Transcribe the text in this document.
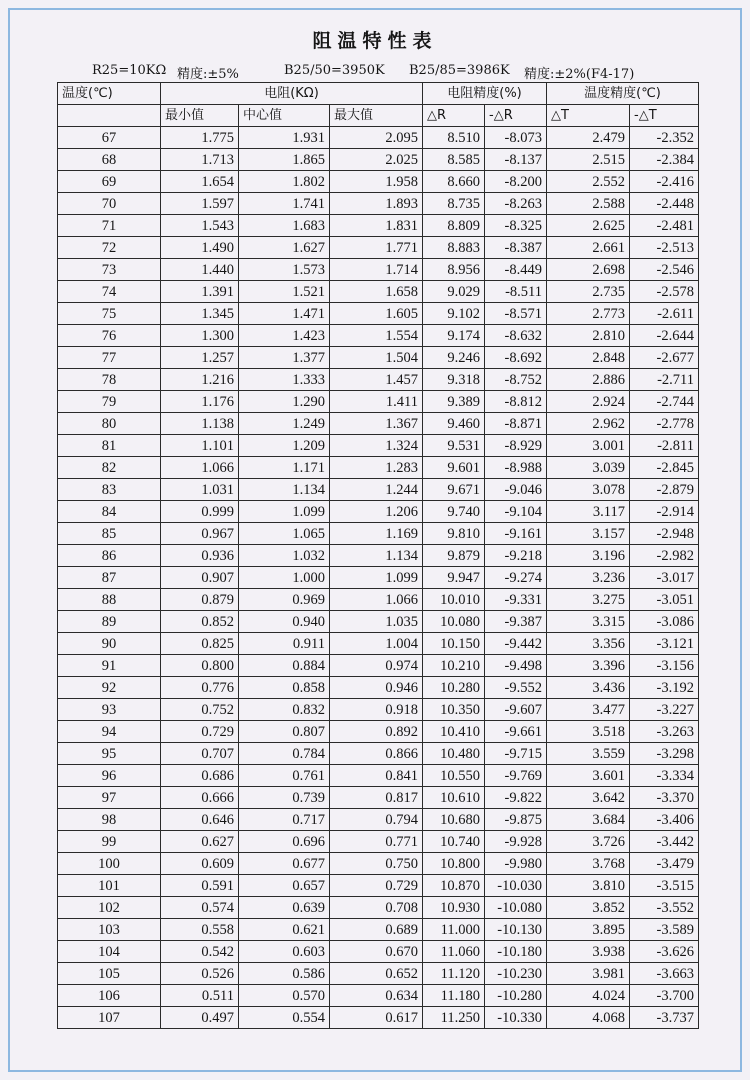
阻温特性表
R25=10KΩ 精度:±5%	B25/50=3950K B25/85=3986K 精度:±2%(F4-17)
温度(℃)	电阻(KΩ)			电阻精度(%)		温度精度(℃)	
	最小值	中心值	最大值	△R	-△R	△T	-△T
67	1.775	1.931	2.095	8.510	-8.073	2.479	-2.352
68	1.713	1.865	2.025	8.585	-8.137	2.515	-2.384
69	1.654	1.802	1.958	8.660	-8.200	2.552	-2.416
70	1.597	1.741	1.893	8.735	-8.263	2.588	-2.448
71	1.543	1.683	1.831	8.809	-8.325	2.625	-2.481
72	1.490	1.627	1.771	8.883	-8.387	2.661	-2.513
73	1.440	1.573	1.714	8.956	-8.449	2.698	-2.546
74	1.391	1.521	1.658	9.029	-8.511	2.735	-2.578
75	1.345	1.471	1.605	9.102	-8.571	2.773	-2.611
76	1.300	1.423	1.554	9.174	-8.632	2.810	-2.644
77	1.257	1.377	1.504	9.246	-8.692	2.848	-2.677
78	1.216	1.333	1.457	9.318	-8.752	2.886	-2.711
79	1.176	1.290	1.411	9.389	-8.812	2.924	-2.744
80	1.138	1.249	1.367	9.460	-8.871	2.962	-2.778
81	1.101	1.209	1.324	9.531	-8.929	3.001	-2.811
82	1.066	1.171	1.283	9.601	-8.988	3.039	-2.845
83	1.031	1.134	1.244	9.671	-9.046	3.078	-2.879
84	0.999	1.099	1.206	9.740	-9.104	3.117	-2.914
85	0.967	1.065	1.169	9.810	-9.161	3.157	-2.948
86	0.936	1.032	1.134	9.879	-9.218	3.196	-2.982
87	0.907	1.000	1.099	9.947	-9.274	3.236	-3.017
88	0.879	0.969	1.066	10.010	-9.331	3.275	-3.051
89	0.852	0.940	1.035	10.080	-9.387	3.315	-3.086
90	0.825	0.911	1.004	10.150	-9.442	3.356	-3.121
91	0.800	0.884	0.974	10.210	-9.498	3.396	-3.156
92	0.776	0.858	0.946	10.280	-9.552	3.436	-3.192
93	0.752	0.832	0.918	10.350	-9.607	3.477	-3.227
94	0.729	0.807	0.892	10.410	-9.661	3.518	-3.263
95	0.707	0.784	0.866	10.480	-9.715	3.559	-3.298
96	0.686	0.761	0.841	10.550	-9.769	3.601	-3.334
97	0.666	0.739	0.817	10.610	-9.822	3.642	-3.370
98	0.646	0.717	0.794	10.680	-9.875	3.684	-3.406
99	0.627	0.696	0.771	10.740	-9.928	3.726	-3.442
100	0.609	0.677	0.750	10.800	-9.980	3.768	-3.479
101	0.591	0.657	0.729	10.870	-10.030	3.810	-3.515
102	0.574	0.639	0.708	10.930	-10.080	3.852	-3.552
103	0.558	0.621	0.689	11.000	-10.130	3.895	-3.589
104	0.542	0.603	0.670	11.060	-10.180	3.938	-3.626
105	0.526	0.586	0.652	11.120	-10.230	3.981	-3.663
106	0.511	0.570	0.634	11.180	-10.280	4.024	-3.700
107	0.497	0.554	0.617	11.250	-10.330	4.068	-3.737
